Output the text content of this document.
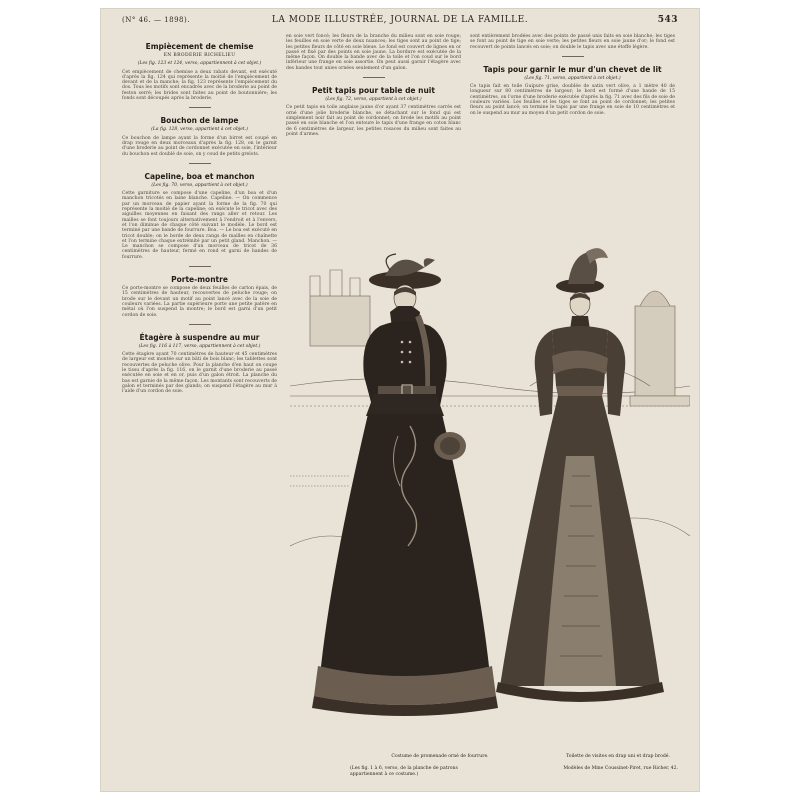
(N° 46. — 1898).	LA MODE ILLUSTRÉE, JOURNAL DE LA FAMILLE.	543
Empiècement de chemise
EN BRODERIE RICHELIEU
(Les fig. 123 et 124, verso, appartiennent à cet objet.)
Cet empiècement de chemise a deux rabats devant, est exécuté d'après la fig. 124 qui représente la moitié de l'empiècement de devant et de la manche; la fig. 123 représente l'empiècement du dos. Tous les motifs sont encadrés avec de la broderie au point de feston serré; les brides sont faites au point de boutonnière; les fonds sont découpés après la broderie.
Bouchon de lampe
(La fig. 128, verso, appartient à cet objet.)
Ce bouchon de lampe ayant la forme d'un birret est coupé en drap rouge en deux morceaux d'après la fig. 128, on le garnit d'une broderie au point de cordonnet exécutée en soie, l'intérieur du bouchon est doublé de soie, on y coud de petits grelots.
Capeline, boa et manchon
(Les fig. 70, verso, appartient à cet objet.)
Cette garniture se compose d'une capeline, d'un boa et d'un manchon tricotés en laine blanche. Capeline. — On commence par un morceau de papier ayant la forme de la fig. 70 qui représente la moitié de la capeline; on exécute le tricot avec des aiguilles moyennes en faisant des rangs aller et retour. Les mailles se font toujours alternativement à l'endroit et à l'envers, et l'on diminue de chaque côté suivant le modèle. Le bord est terminé par une bande de fourrure. Boa. — Le boa est exécuté en tricot double; on le borde de deux rangs de mailles en chaînette et l'on termine chaque extrémité par un petit gland. Manchon. — Le manchon se compose d'un morceau de tricot de 36 centimètres de hauteur, fermé en rond et garni de bandes de fourrure.
Porte-montre
Ce porte-montre se compose de deux feuilles de carton épais, de 15 centimètres de hauteur, recouvertes de peluche rouge; on brode sur le devant un motif au point lancé avec de la soie de couleurs variées. La partie supérieure porte une petite patère en métal où l'on suspend la montre; le bord est garni d'un petit cordon de soie.
Étagère à suspendre au mur
(Les fig. 116 à 117, verso, appartiennent à cet objet.)
Cette étagère ayant 70 centimètres de hauteur et 45 centimètres de largeur est montée sur un bâti de bois blanc; les tablettes sont recouvertes de peluche olive. Pour la planche d'en haut on coupe le tissu d'après la fig. 116, on le garnit d'une broderie au passé exécutée en soie et en or, puis d'un galon étroit. La planche du bas est garnie de la même façon. Les montants sont recouverts de galon et terminés par des glands; on suspend l'étagère au mur à l'aide d'un cordon de soie.
en soie vert foncé; les fleurs de la branche du milieu sont en soie rouge; les feuilles en soie verte de deux nuances; les tiges sont au point de tige; les petites fleurs de côté en soie bleue. Le fond est couvert de lignes en or passé et fixé par des points en soie jaune. La bordure est exécutée de la même façon. On double la bande avec de la toile et l'on coud sur le bord inférieur une frange en soie assortie. On peut aussi garnir l'étagère avec des bandes tout unies ornées seulement d'un galon.
Petit tapis pour table de nuit
(Les fig. 72, verso, appartient à cet objet.)
Ce petit tapis en toile anglaise jaune d'or ayant 37 centimètres carrés est orné d'une jolie broderie blanche, se détachant sur le fond qui est simplement noir fait au point de cordonnet; on brode les motifs au point passé en soie blanche et l'on entoure le tapis d'une frange en coton blanc de 6 centimètres de largeur, les petites rosaces du milieu sont faites au point d'armes.
sont entièrement brodées avec des points de passé unis faits en soie blanche; les tiges se font au point de tige en soie verte; les petites fleurs en soie jaune d'or; le fond est recouvert de points lancés en soie; on double le tapis avec une étoffe légère.
Tapis pour garnir le mur d'un chevet de lit
(Les fig. 71, verso, appartient à cet objet.)
Ce tapis fait en toile Guipure grise, doublée de satin vert olive, a 1 mètre 40 de longueur sur 80 centimètres de largeur; le bord est formé d'une bande de 15 centimètres, on l'orne d'une broderie exécutée d'après la fig. 71 avec des fils de soie de couleurs variées. Les feuilles et les tiges se font au point de cordonnet; les petites fleurs au point lancé; on termine le tapis par une frange en soie de 10 centimètres et on le suspend au mur au moyen d'un petit cordon de soie.
Costume de promenade orné de fourrure.	Toilette de visites en drap uni et drap brodé.
(Les fig. 1 à 6, verso, de la planche de patrons appartiennent à ce costume.)
Modèles de Mme Coussinet-Piret, rue Richer, 42.
